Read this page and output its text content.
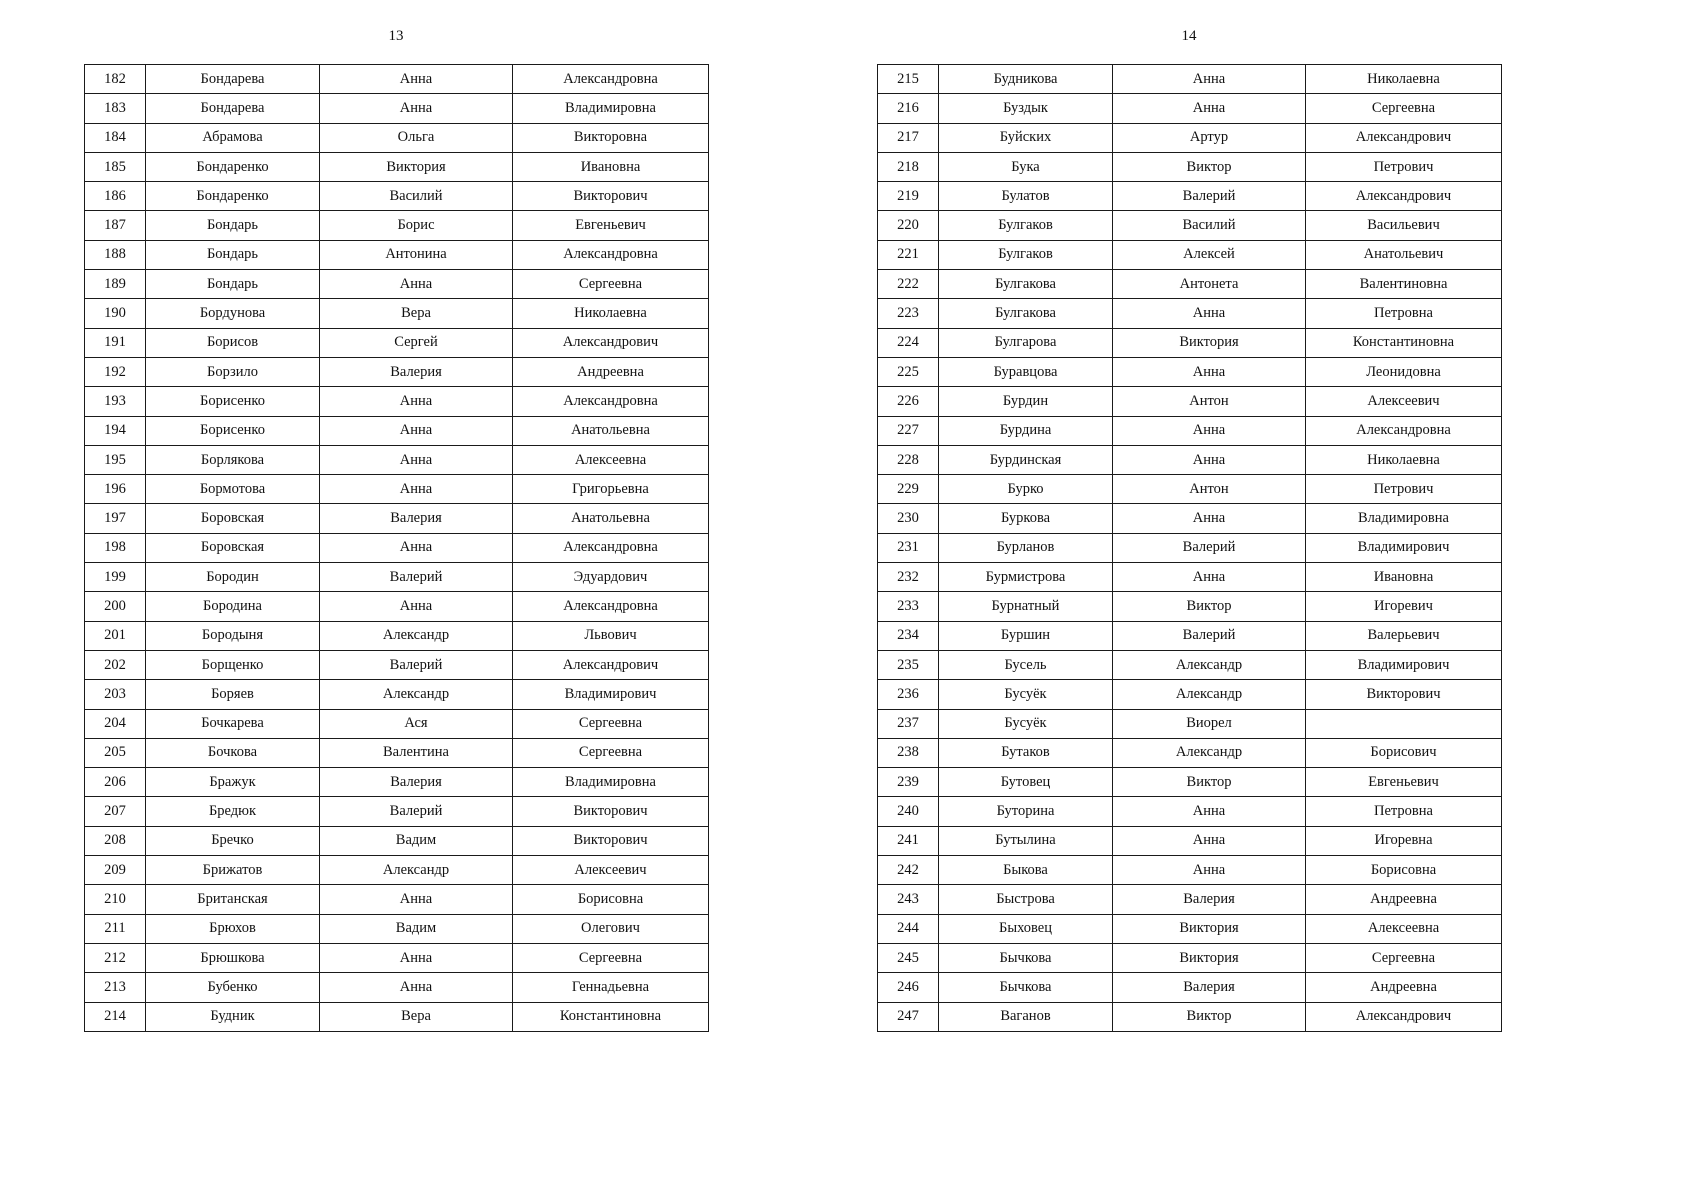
13
182	Бондарева	Анна	Александровна
183	Бондарева	Анна	Владимировна
184	Абрамова	Ольга	Викторовна
185	Бондаренко	Виктория	Ивановна
186	Бондаренко	Василий	Викторович
187	Бондарь	Борис	Евгеньевич
188	Бондарь	Антонина	Александровна
189	Бондарь	Анна	Сергеевна
190	Бордунова	Вера	Николаевна
191	Борисов	Сергей	Александрович
192	Борзило	Валерия	Андреевна
193	Борисенко	Анна	Александровна
194	Борисенко	Анна	Анатольевна
195	Борлякова	Анна	Алексеевна
196	Бормотова	Анна	Григорьевна
197	Боровская	Валерия	Анатольевна
198	Боровская	Анна	Александровна
199	Бородин	Валерий	Эдуардович
200	Бородина	Анна	Александровна
201	Бородыня	Александр	Львович
202	Борщенко	Валерий	Александрович
203	Боряев	Александр	Владимирович
204	Бочкарева	Ася	Сергеевна
205	Бочкова	Валентина	Сергеевна
206	Бражук	Валерия	Владимировна
207	Бредюк	Валерий	Викторович
208	Бречко	Вадим	Викторович
209	Брижатов	Александр	Алексеевич
210	Британская	Анна	Борисовна
211	Брюхов	Вадим	Олегович
212	Брюшкова	Анна	Сергеевна
213	Бубенко	Анна	Геннадьевна
214	Будник	Вера	Константиновна
14
215	Будникова	Анна	Николаевна
216	Буздык	Анна	Сергеевна
217	Буйских	Артур	Александрович
218	Бука	Виктор	Петрович
219	Булатов	Валерий	Александрович
220	Булгаков	Василий	Васильевич
221	Булгаков	Алексей	Анатольевич
222	Булгакова	Антонета	Валентиновна
223	Булгакова	Анна	Петровна
224	Булгарова	Виктория	Константиновна
225	Буравцова	Анна	Леонидовна
226	Бурдин	Антон	Алексеевич
227	Бурдина	Анна	Александровна
228	Бурдинская	Анна	Николаевна
229	Бурко	Антон	Петрович
230	Буркова	Анна	Владимировна
231	Бурланов	Валерий	Владимирович
232	Бурмистрова	Анна	Ивановна
233	Бурнатный	Виктор	Игоревич
234	Буршин	Валерий	Валерьевич
235	Бусель	Александр	Владимирович
236	Бусуёк	Александр	Викторович
237	Бусуёк	Виорел	
238	Бутаков	Александр	Борисович
239	Бутовец	Виктор	Евгеньевич
240	Буторина	Анна	Петровна
241	Бутылина	Анна	Игоревна
242	Быкова	Анна	Борисовна
243	Быстрова	Валерия	Андреевна
244	Быховец	Виктория	Алексеевна
245	Бычкова	Виктория	Сергеевна
246	Бычкова	Валерия	Андреевна
247	Ваганов	Виктор	Александрович
